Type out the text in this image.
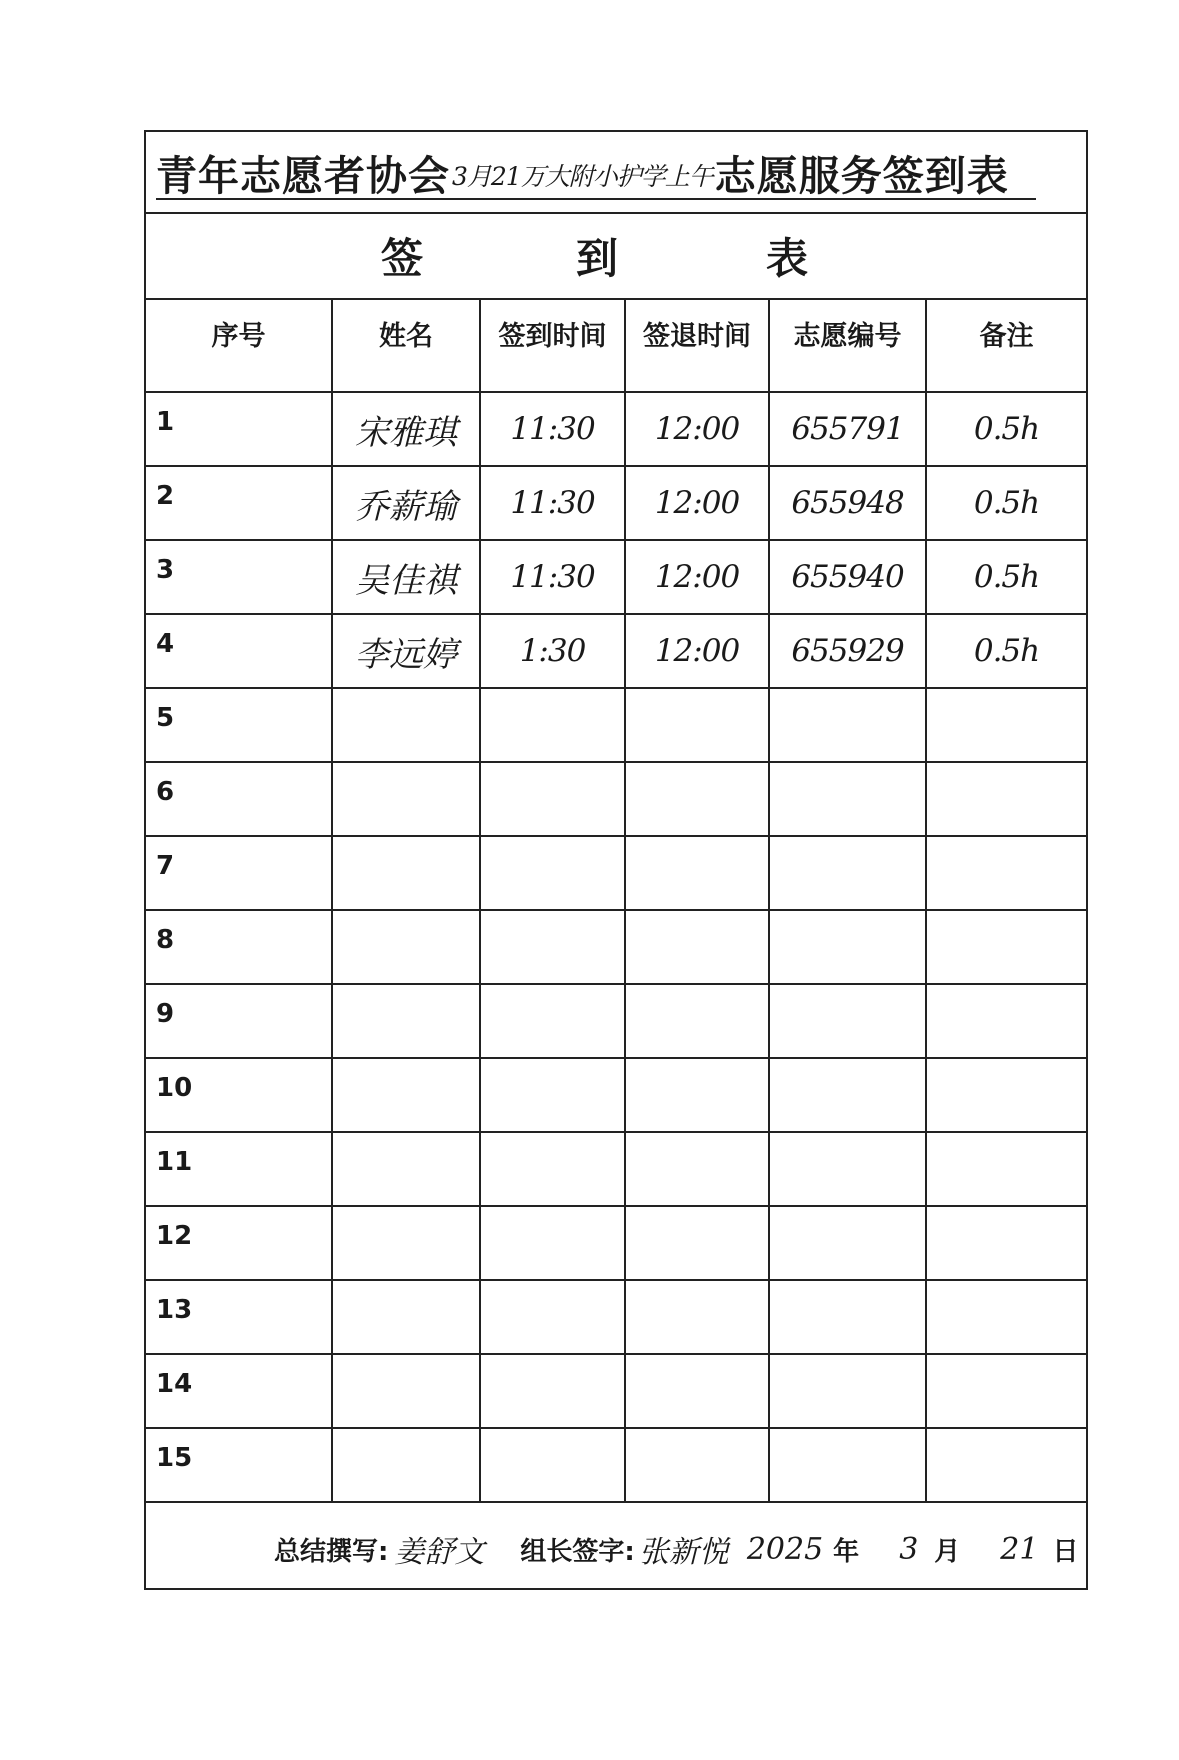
青年志愿者协会 3月21万大附小护学上午 志愿服务签到表
签	到	表
序号	姓名	签到时间	签退时间	志愿编号	备注
1	宋雅琪	11:30	12:00	655791	0.5h
2	乔薪瑜	11:30	12:00	655948	0.5h
3	吴佳祺	11:30	12:00	655940	0.5h
4	李远婷	1:30	12:00	655929	0.5h
5					
6					
7					
8					
9					
10					
11					
12					
13					
14					
15					
总结撰写: 姜舒文 组长签字: 张新悦 2025 年 3 月 21 日
